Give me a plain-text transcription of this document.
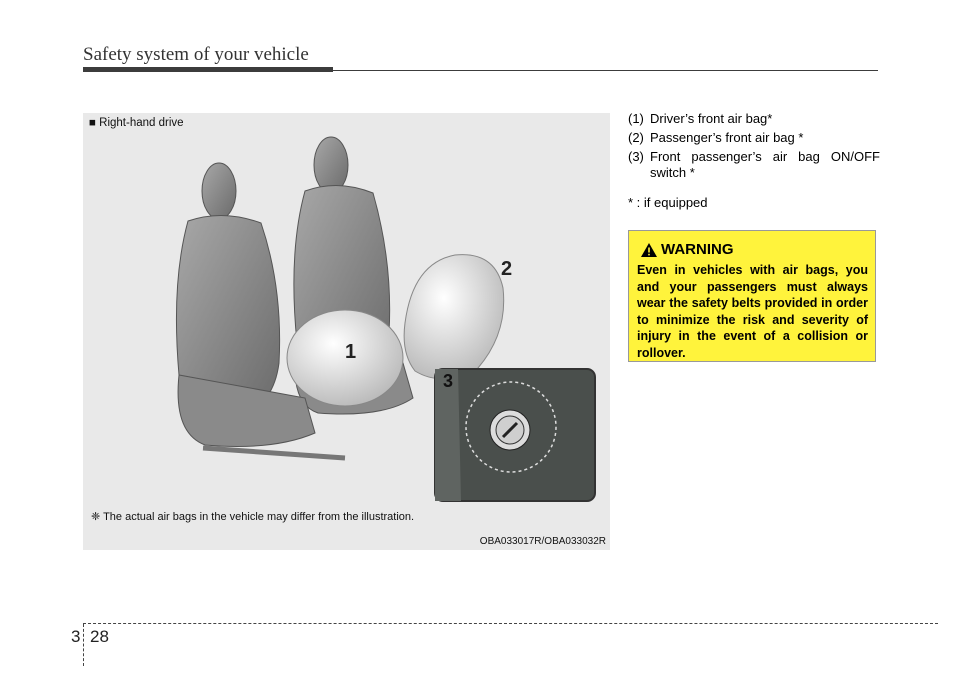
Safety system of your vehicle
1
2
3
■ Right-hand drive
❈ The actual air bags in the vehicle may differ from the illustration.
OBA033017R/OBA033032R
(1) Driver’s front air bag*
(2) Passenger’s front air bag *
(3) Front passenger’s air bag ON/OFF switch *
* : if equipped
WARNING
Even in vehicles with air bags, you and your passengers must always wear the safety belts provided in order to minimize the risk and severity of injury in the event of a collision or rollover.
3 28
